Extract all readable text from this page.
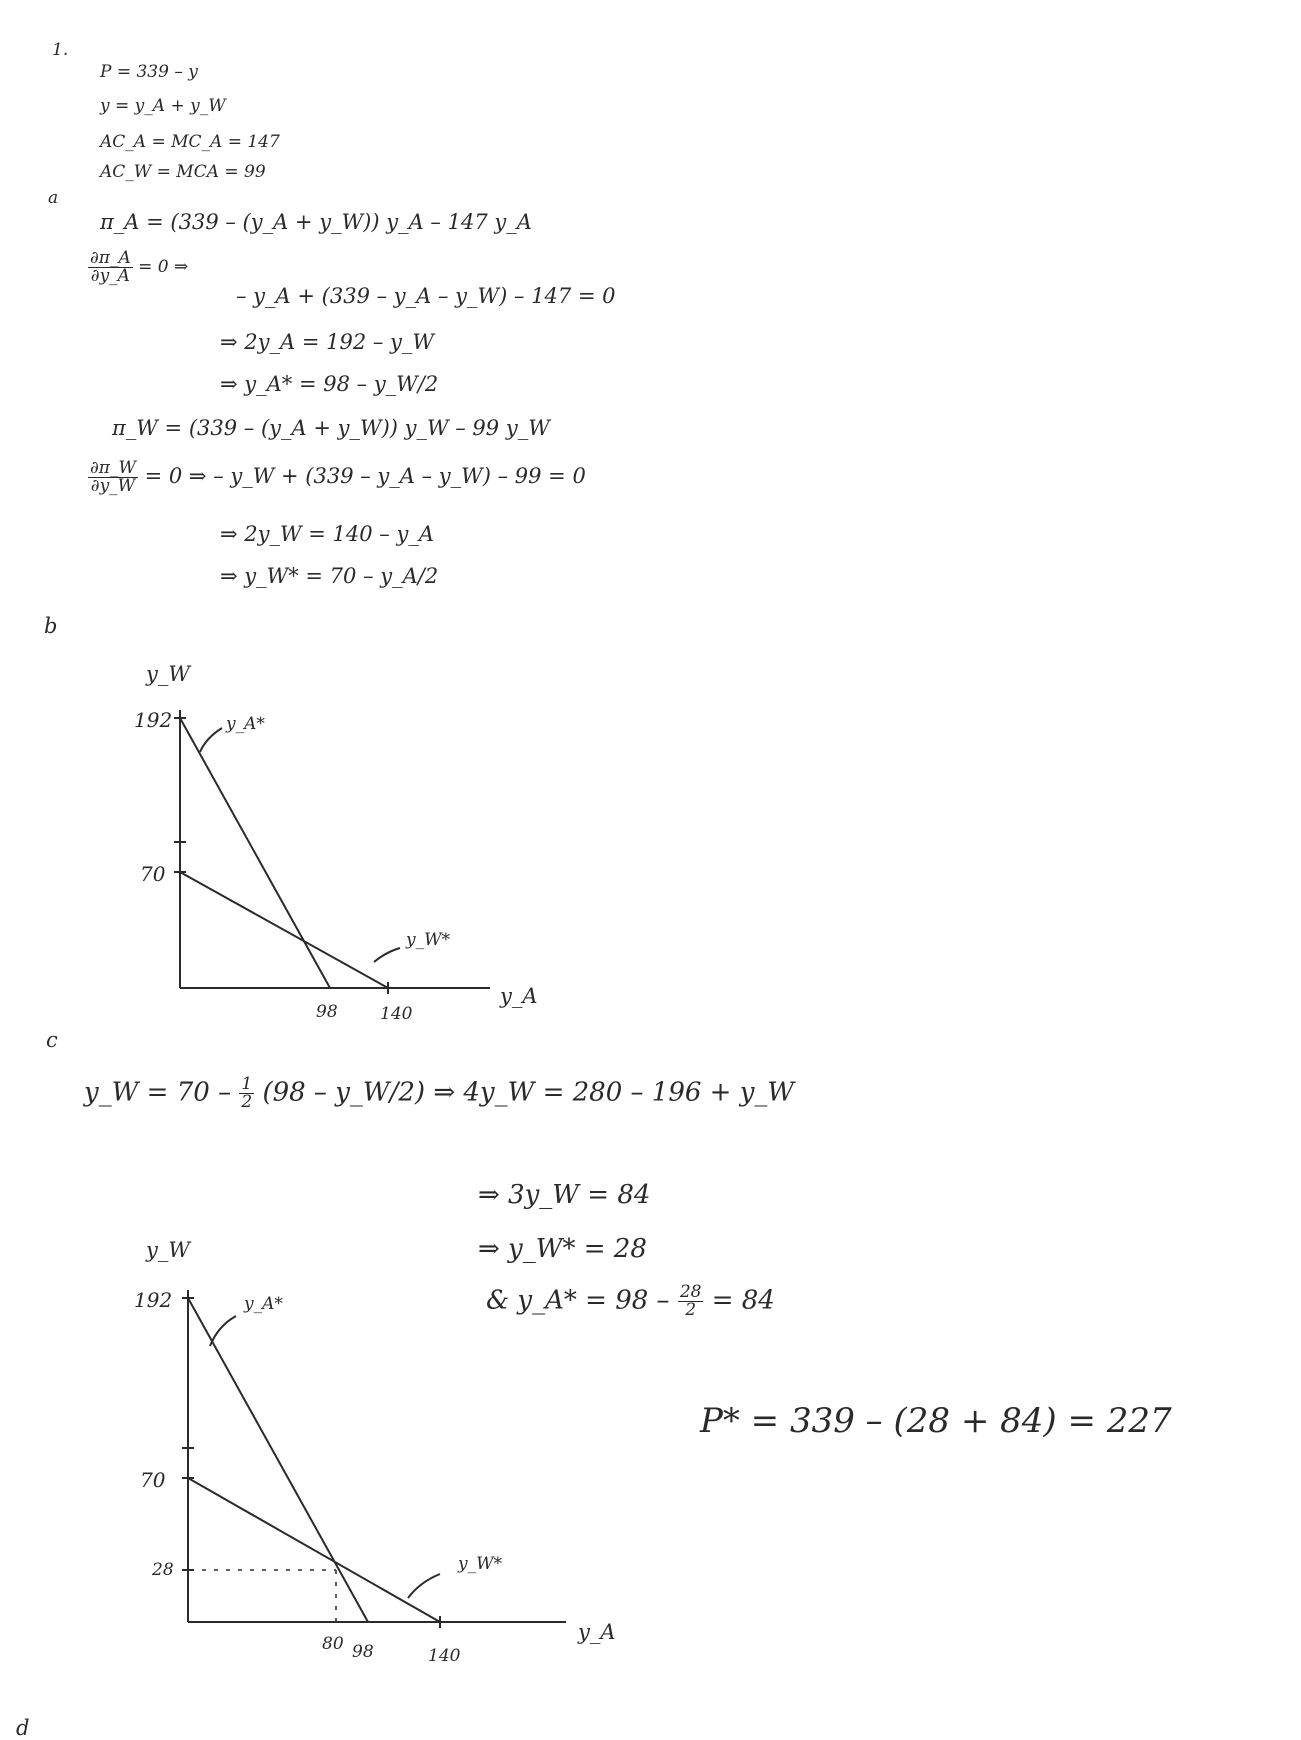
1.
a
b
c
d
P = 339 – y
y = y_A + y_W
AC_A = MC_A = 147
AC_W = MCA = 99
π_A = (339 – (y_A + y_W)) y_A – 147 y_A
$\frac{\partial\pi\_A}{\partial y\_A} = 0$ ⇒
– y_A + (339 – y_A – y_W) – 147 = 0
⇒ 2y_A = 192 – y_W
⇒ y_A* = 98 – y_W/2
π_W = (339 – (y_A + y_W)) y_W – 99 y_W
$\frac{\partial\pi\_W}{\partial y\_W} = 0$ ⇒ – y_W + (339 – y_A – y_W) – 99 = 0
⇒ 2y_W = 140 – y_A
⇒ y_W* = 70 – y_A/2
y_W
192
70
y_A*
y_W*
98 140
y_A
y_W = $70 - \frac{1}{2} (98$ – y_W/2) ⇒ 4y_W = 280 – 196 + y_W
⇒ 3y_W = 84
⇒ y_W* = 28
& y_A* = $98 - \frac{28}{2} = 84$
P* = 339 – (28 + 84) = 227
y_W
192
70
28
y_A*
y_W*
80 98	140
y_A
